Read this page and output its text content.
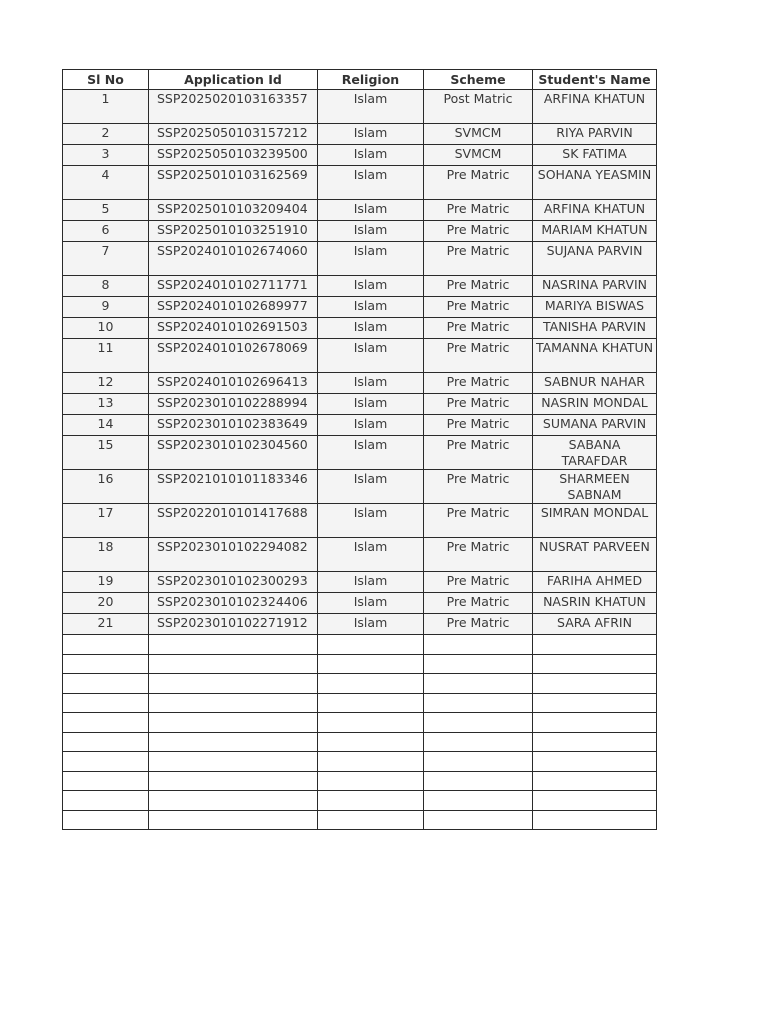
Sl No	Application Id	Religion	Scheme	Student's Name
1	SSP2025020103163357	Islam	Post Matric	ARFINA KHATUN
2	SSP2025050103157212	Islam	SVMCM	RIYA PARVIN
3	SSP2025050103239500	Islam	SVMCM	SK FATIMA
4	SSP2025010103162569	Islam	Pre Matric	SOHANA YEASMIN
5	SSP2025010103209404	Islam	Pre Matric	ARFINA KHATUN
6	SSP2025010103251910	Islam	Pre Matric	MARIAM KHATUN
7	SSP2024010102674060	Islam	Pre Matric	SUJANA PARVIN
8	SSP2024010102711771	Islam	Pre Matric	NASRINA PARVIN
9	SSP2024010102689977	Islam	Pre Matric	MARIYA BISWAS
10	SSP2024010102691503	Islam	Pre Matric	TANISHA PARVIN
11	SSP2024010102678069	Islam	Pre Matric	TAMANNA KHATUN
12	SSP2024010102696413	Islam	Pre Matric	SABNUR NAHAR
13	SSP2023010102288994	Islam	Pre Matric	NASRIN MONDAL
14	SSP2023010102383649	Islam	Pre Matric	SUMANA PARVIN
15	SSP2023010102304560	Islam	Pre Matric	SABANA TARAFDAR
16	SSP2021010101183346	Islam	Pre Matric	SHARMEEN SABNAM
17	SSP2022010101417688	Islam	Pre Matric	SIMRAN MONDAL
18	SSP2023010102294082	Islam	Pre Matric	NUSRAT PARVEEN
19	SSP2023010102300293	Islam	Pre Matric	FARIHA AHMED
20	SSP2023010102324406	Islam	Pre Matric	NASRIN KHATUN
21	SSP2023010102271912	Islam	Pre Matric	SARA AFRIN
